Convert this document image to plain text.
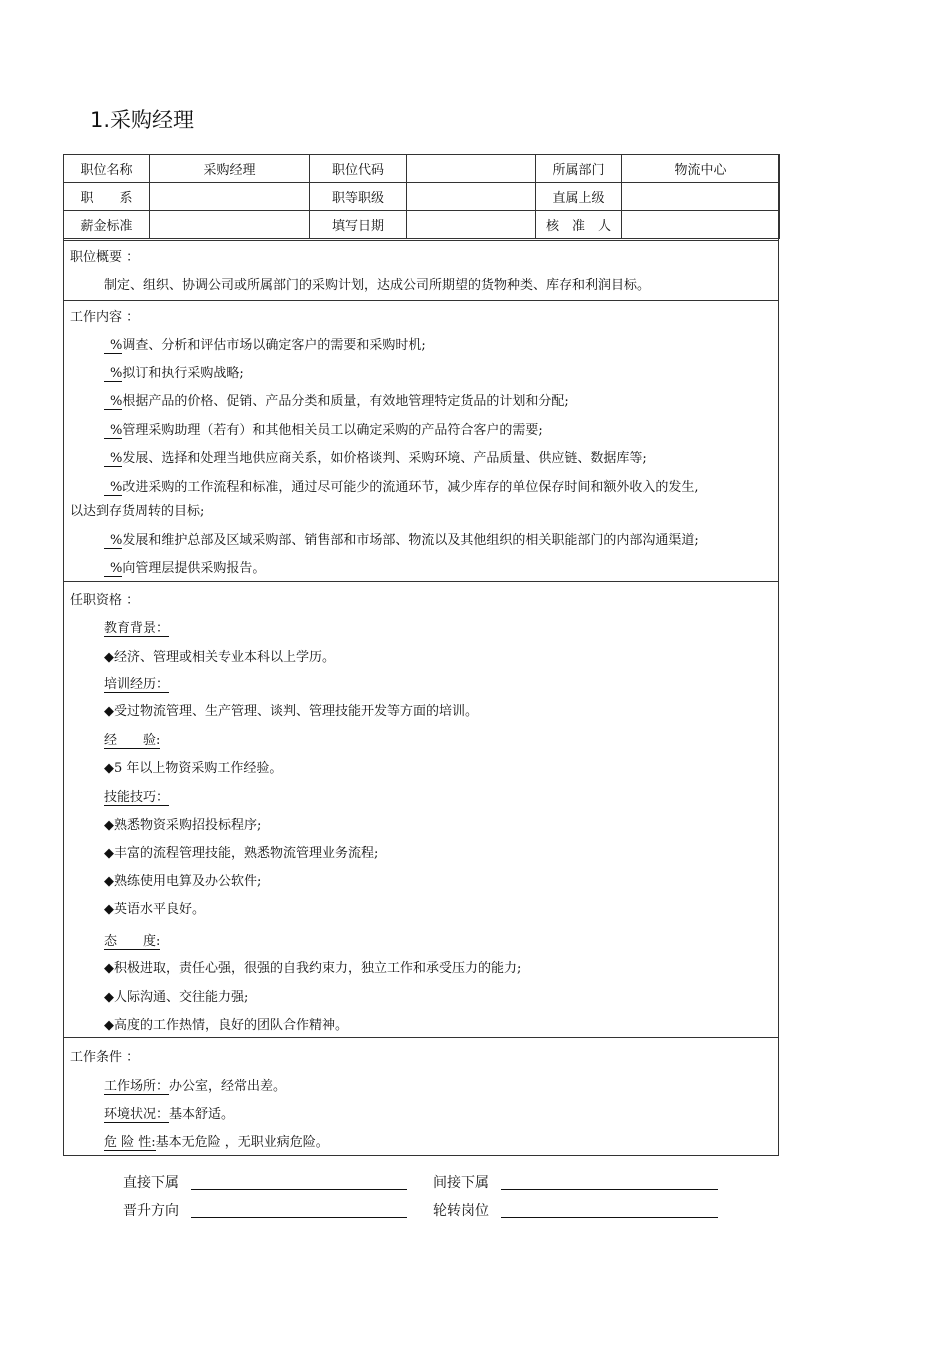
1.采购经理
职位名称	采购经理	职位代码		所属部门	物流中心
职　　系		职等职级		直属上级	
薪金标准		填写日期		核　准　人	
职位概要 ：
制定、组织、协调公司或所属部门的采购计划，达成公司所期望的货物种类、库存和利润目标。
工作内容 ：
%调查、分析和评估市场以确定客户的需要和采购时机;
%拟订和执行采购战略;
%根据产品的价格、促销、产品分类和质量，有效地管理特定货品的计划和分配;
%管理采购助理（若有）和其他相关员工以确定采购的产品符合客户的需要;
%发展、选择和处理当地供应商关系，如价格谈判、采购环境、产品质量、供应链、数据库等;
%改进采购的工作流程和标准，通过尽可能少的流通环节，减少库存的单位保存时间和额外收入的发生,
以达到存货周转的目标;
%发展和维护总部及区域采购部、销售部和市场部、物流以及其他组织的相关职能部门的内部沟通渠道;
%向管理层提供采购报告。
任职资格 ：
教育背景：
◆经济、管理或相关专业本科以上学历。
培训经历：
◆受过物流管理、生产管理、谈判、管理技能开发等方面的培训。
经　　验:
◆5 年以上物资采购工作经验。
技能技巧：
◆熟悉物资采购招投标程序;
◆丰富的流程管理技能，熟悉物流管理业务流程;
◆熟练使用电算及办公软件;
◆英语水平良好。
态　　度:
◆积极进取，责任心强，很强的自我约束力，独立工作和承受压力的能力;
◆人际沟通、交往能力强;
◆高度的工作热情，良好的团队合作精神。
工作条件 ：
工作场所：办公室，经常出差。
环境状况：基本舒适。
危 险 性:基本无危险 ，无职业病危险。
直接下属	间接下属
晋升方向	轮转岗位
